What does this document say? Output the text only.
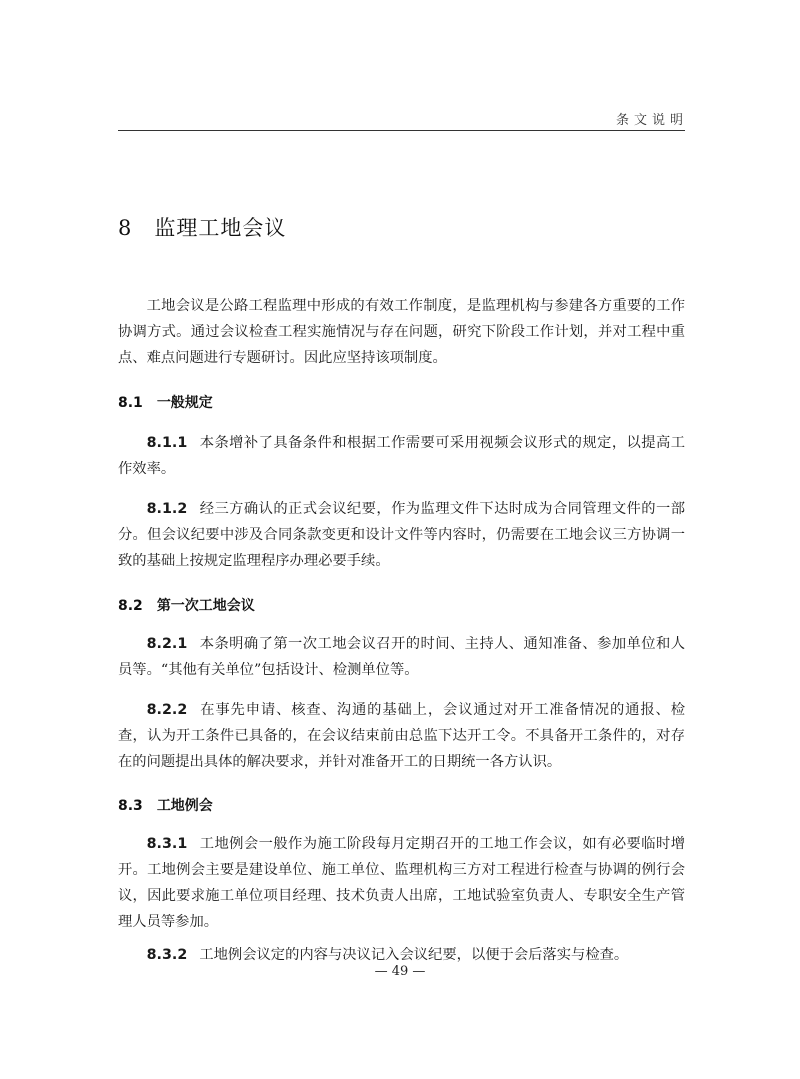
条文说明
8 监理工地会议

工地会议是公路工程监理中形成的有效工作制度，是监理机构与参建各方重要的工作协调方式。通过会议检查工程实施情况与存在问题，研究下阶段工作计划，并对工程中重点、难点问题进行专题研讨。因此应坚持该项制度。

8.1 一般规定

8.1.1 本条增补了具备条件和根据工作需要可采用视频会议形式的规定，以提高工作效率。

8.1.2 经三方确认的正式会议纪要，作为监理文件下达时成为合同管理文件的一部分。但会议纪要中涉及合同条款变更和设计文件等内容时，仍需要在工地会议三方协调一致的基础上按规定监理程序办理必要手续。

8.2 第一次工地会议

8.2.1 本条明确了第一次工地会议召开的时间、主持人、通知准备、参加单位和人员等。“其他有关单位”包括设计、检测单位等。

8.2.2 在事先申请、核查、沟通的基础上，会议通过对开工准备情况的通报、检查，认为开工条件已具备的，在会议结束前由总监下达开工令。不具备开工条件的，对存在的问题提出具体的解决要求，并针对准备开工的日期统一各方认识。

8.3 工地例会

8.3.1 工地例会一般作为施工阶段每月定期召开的工地工作会议，如有必要临时增开。工地例会主要是建设单位、施工单位、监理机构三方对工程进行检查与协调的例行会议，因此要求施工单位项目经理、技术负责人出席，工地试验室负责人、专职安全生产管理人员等参加。

8.3.2 工地例会议定的内容与决议记入会议纪要，以便于会后落实与检查。

— 49 —
